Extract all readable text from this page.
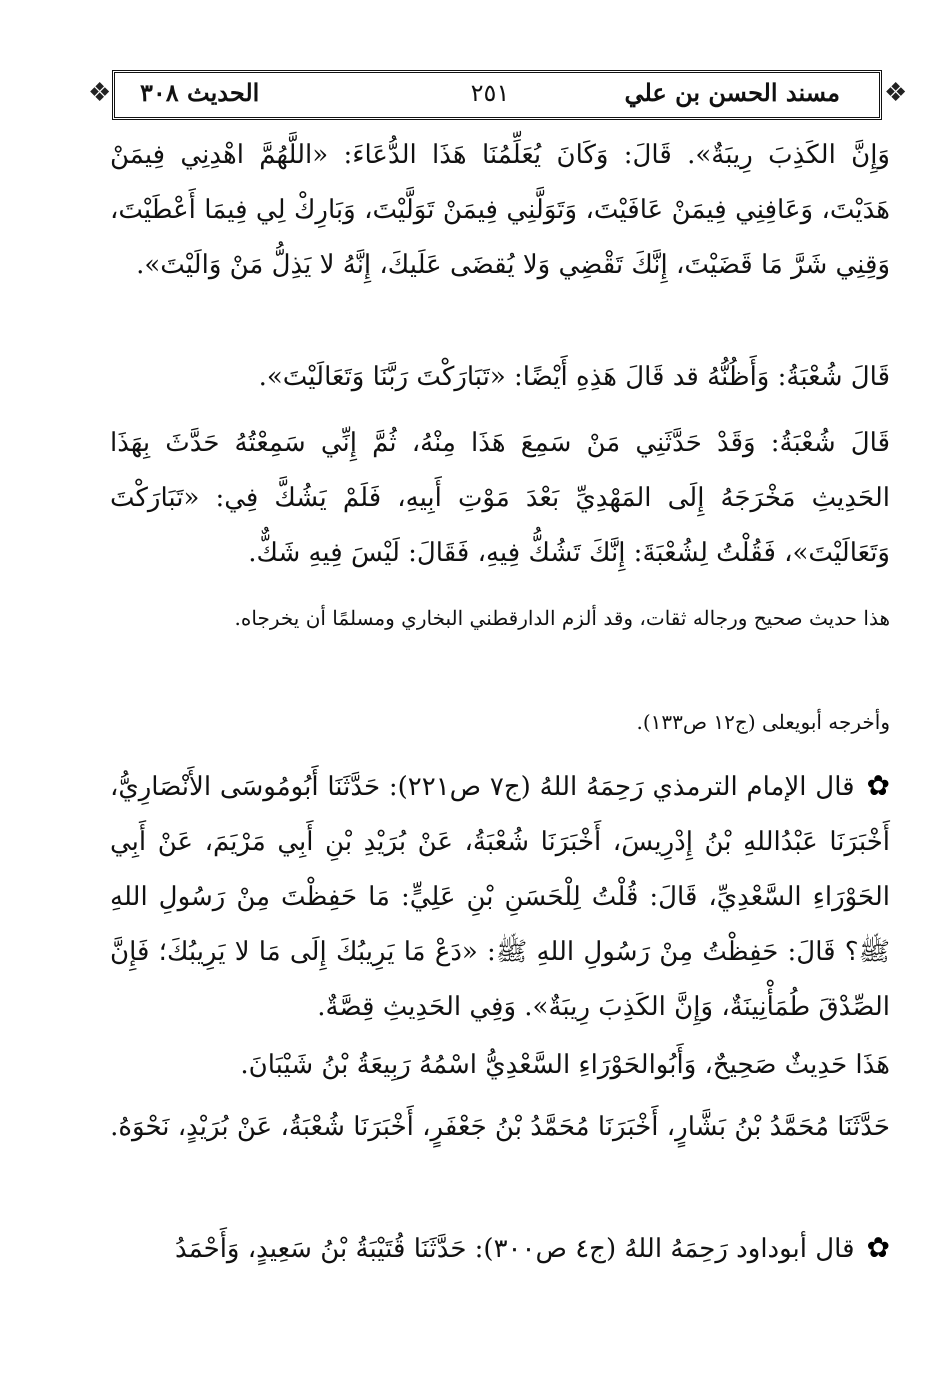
❖	❖
مسند الحسن بن علي
٢٥١
الحديث ٣٠٨
وَإِنَّ الكَذِبَ رِيبَةٌ». قَالَ: وَكَانَ يُعَلِّمُنَا هَذَا الدُّعَاءَ: «اللَّهُمَّ اهْدِنِي فِيمَنْ هَدَيْتَ، وَعَافِنِي فِيمَنْ عَافَيْتَ، وَتَوَلَّنِي فِيمَنْ تَوَلَّيْتَ، وَبَارِكْ لِي فِيمَا أَعْطَيْتَ، وَقِنِي شَرَّ مَا قَضَيْتَ، إِنَّكَ تَقْضِي وَلا يُقضَى عَلَيكَ، إِنَّهُ لا يَذِلُّ مَنْ وَالَيْتَ».
قَالَ شُعْبَةُ: وَأَظُنُّهُ قد قَالَ هَذِهِ أَيْضًا: «تَبَارَكْتَ رَبَّنَا وَتَعَالَيْتَ».
قَالَ شُعْبَةُ: وَقَدْ حَدَّثَنِي مَنْ سَمِعَ هَذَا مِنْهُ، ثُمَّ إِنِّي سَمِعْتُهُ حَدَّثَ بِهَذَا الحَدِيثِ مَخْرَجَهُ إِلَى المَهْدِيِّ بَعْدَ مَوْتِ أَبِيهِ، فَلَمْ يَشُكَّ فِي: «تَبَارَكْتَ وَتَعَالَيْتَ»، فَقُلْتُ لِشُعْبَةَ: إِنَّكَ تَشُكُّ فِيهِ، فَقَالَ: لَيْسَ فِيهِ شَكٌّ.
هذا حديث صحيح ورجاله ثقات، وقد ألزم الدارقطني البخاري ومسلمًا أن يخرجاه.
وأخرجه أبويعلى (ج١٢ ص١٣٣).
✿قال الإمام الترمذي رَحِمَهُ اللهُ (ج٧ ص٢٢١): حَدَّثَنَا أَبُومُوسَى الأَنْصَارِيُّ، أَخْبَرَنَا عَبْدُاللهِ بْنُ إِدْرِيسَ، أَخْبَرَنَا شُعْبَةُ، عَنْ بُرَيْدِ بْنِ أَبِي مَرْيَمَ، عَنْ أَبِي الحَوْرَاءِ السَّعْدِيِّ، قَالَ: قُلْتُ لِلْحَسَنِ بْنِ عَلِيٍّ: مَا حَفِظْتَ مِنْ رَسُولِ اللهِ ﷺ؟ قَالَ: حَفِظْتُ مِنْ رَسُولِ اللهِ ﷺ: «دَعْ مَا يَرِيبُكَ إِلَى مَا لا يَرِيبُكَ؛ فَإِنَّ الصِّدْقَ طُمَأْنِينَةٌ، وَإِنَّ الكَذِبَ رِيبَةٌ». وَفِي الحَدِيثِ قِصَّةٌ.
هَذَا حَدِيثٌ صَحِيحٌ، وَأَبُوالحَوْرَاءِ السَّعْدِيُّ اسْمُهُ رَبِيعَةُ بْنُ شَيْبَانَ.
حَدَّثَنَا مُحَمَّدُ بْنُ بَشَّارٍ، أَخْبَرَنَا مُحَمَّدُ بْنُ جَعْفَرٍ، أَخْبَرَنَا شُعْبَةُ، عَنْ بُرَيْدٍ، نَحْوَهُ.
✿قال أبوداود رَحِمَهُ اللهُ (ج٤ ص٣٠٠): حَدَّثَنَا قُتَيْبَةُ بْنُ سَعِيدٍ، وَأَحْمَدُ
